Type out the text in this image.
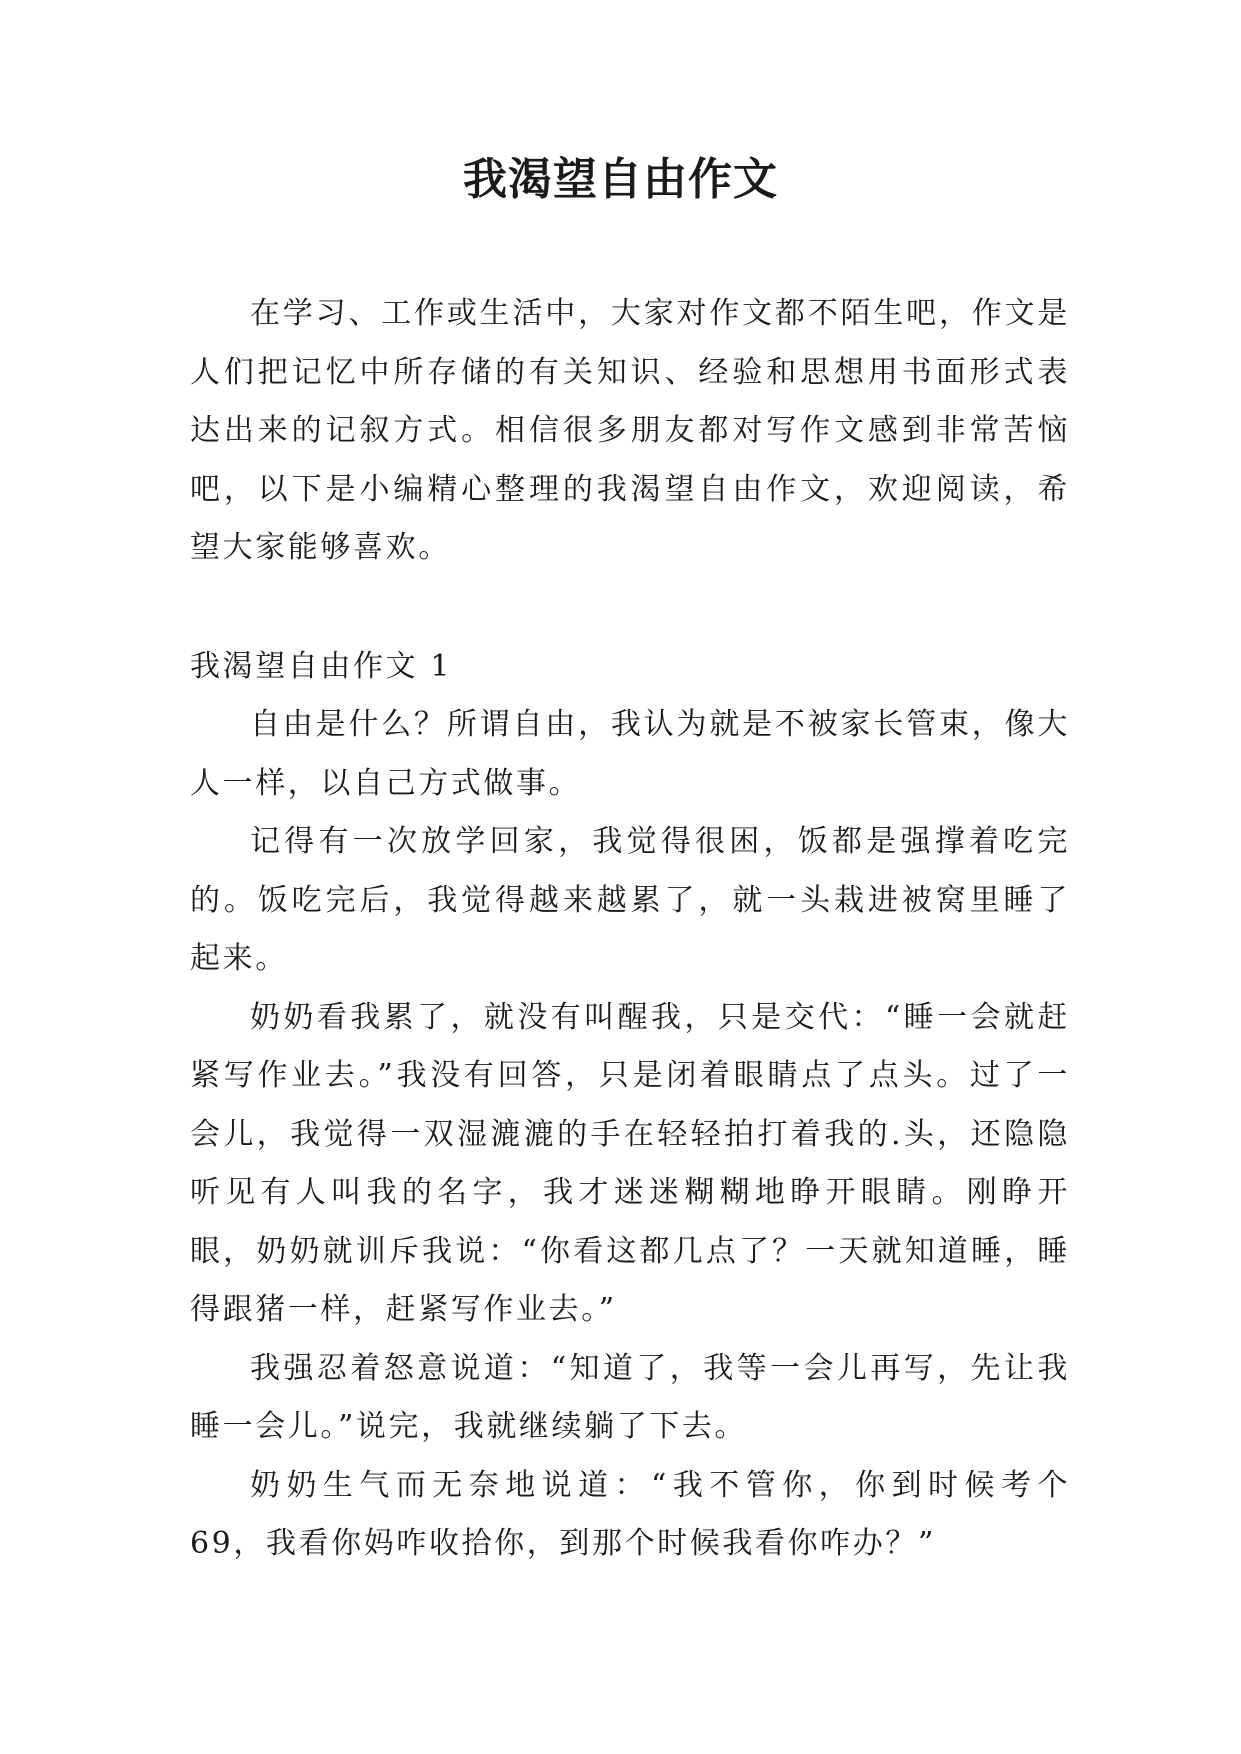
我渴望自由作文

在学习、工作或生活中，大家对作文都不陌生吧，作文是人们把记忆中所存储的有关知识、经验和思想用书面形式表达出来的记叙方式。相信很多朋友都对写作文感到非常苦恼吧，以下是小编精心整理的我渴望自由作文，欢迎阅读，希望大家能够喜欢。

我渴望自由作文 1

自由是什么？所谓自由，我认为就是不被家长管束，像大人一样，以自己方式做事。

记得有一次放学回家，我觉得很困，饭都是强撑着吃完的。饭吃完后，我觉得越来越累了，就一头栽进被窝里睡了起来。

奶奶看我累了，就没有叫醒我，只是交代：“睡一会就赶紧写作业去。”我没有回答，只是闭着眼睛点了点头。过了一会儿，我觉得一双湿漉漉的手在轻轻拍打着我的.头，还隐隐听见有人叫我的名字，我才迷迷糊糊地睁开眼睛。刚睁开眼，奶奶就训斥我说：“你看这都几点了？一天就知道睡，睡得跟猪一样，赶紧写作业去。”

我强忍着怒意说道：“知道了，我等一会儿再写，先让我睡一会儿。”说完，我就继续躺了下去。

奶奶生气而无奈地说道：“我不管你，你到时候考个 69，我看你妈咋收拾你，到那个时候我看你咋办？”
